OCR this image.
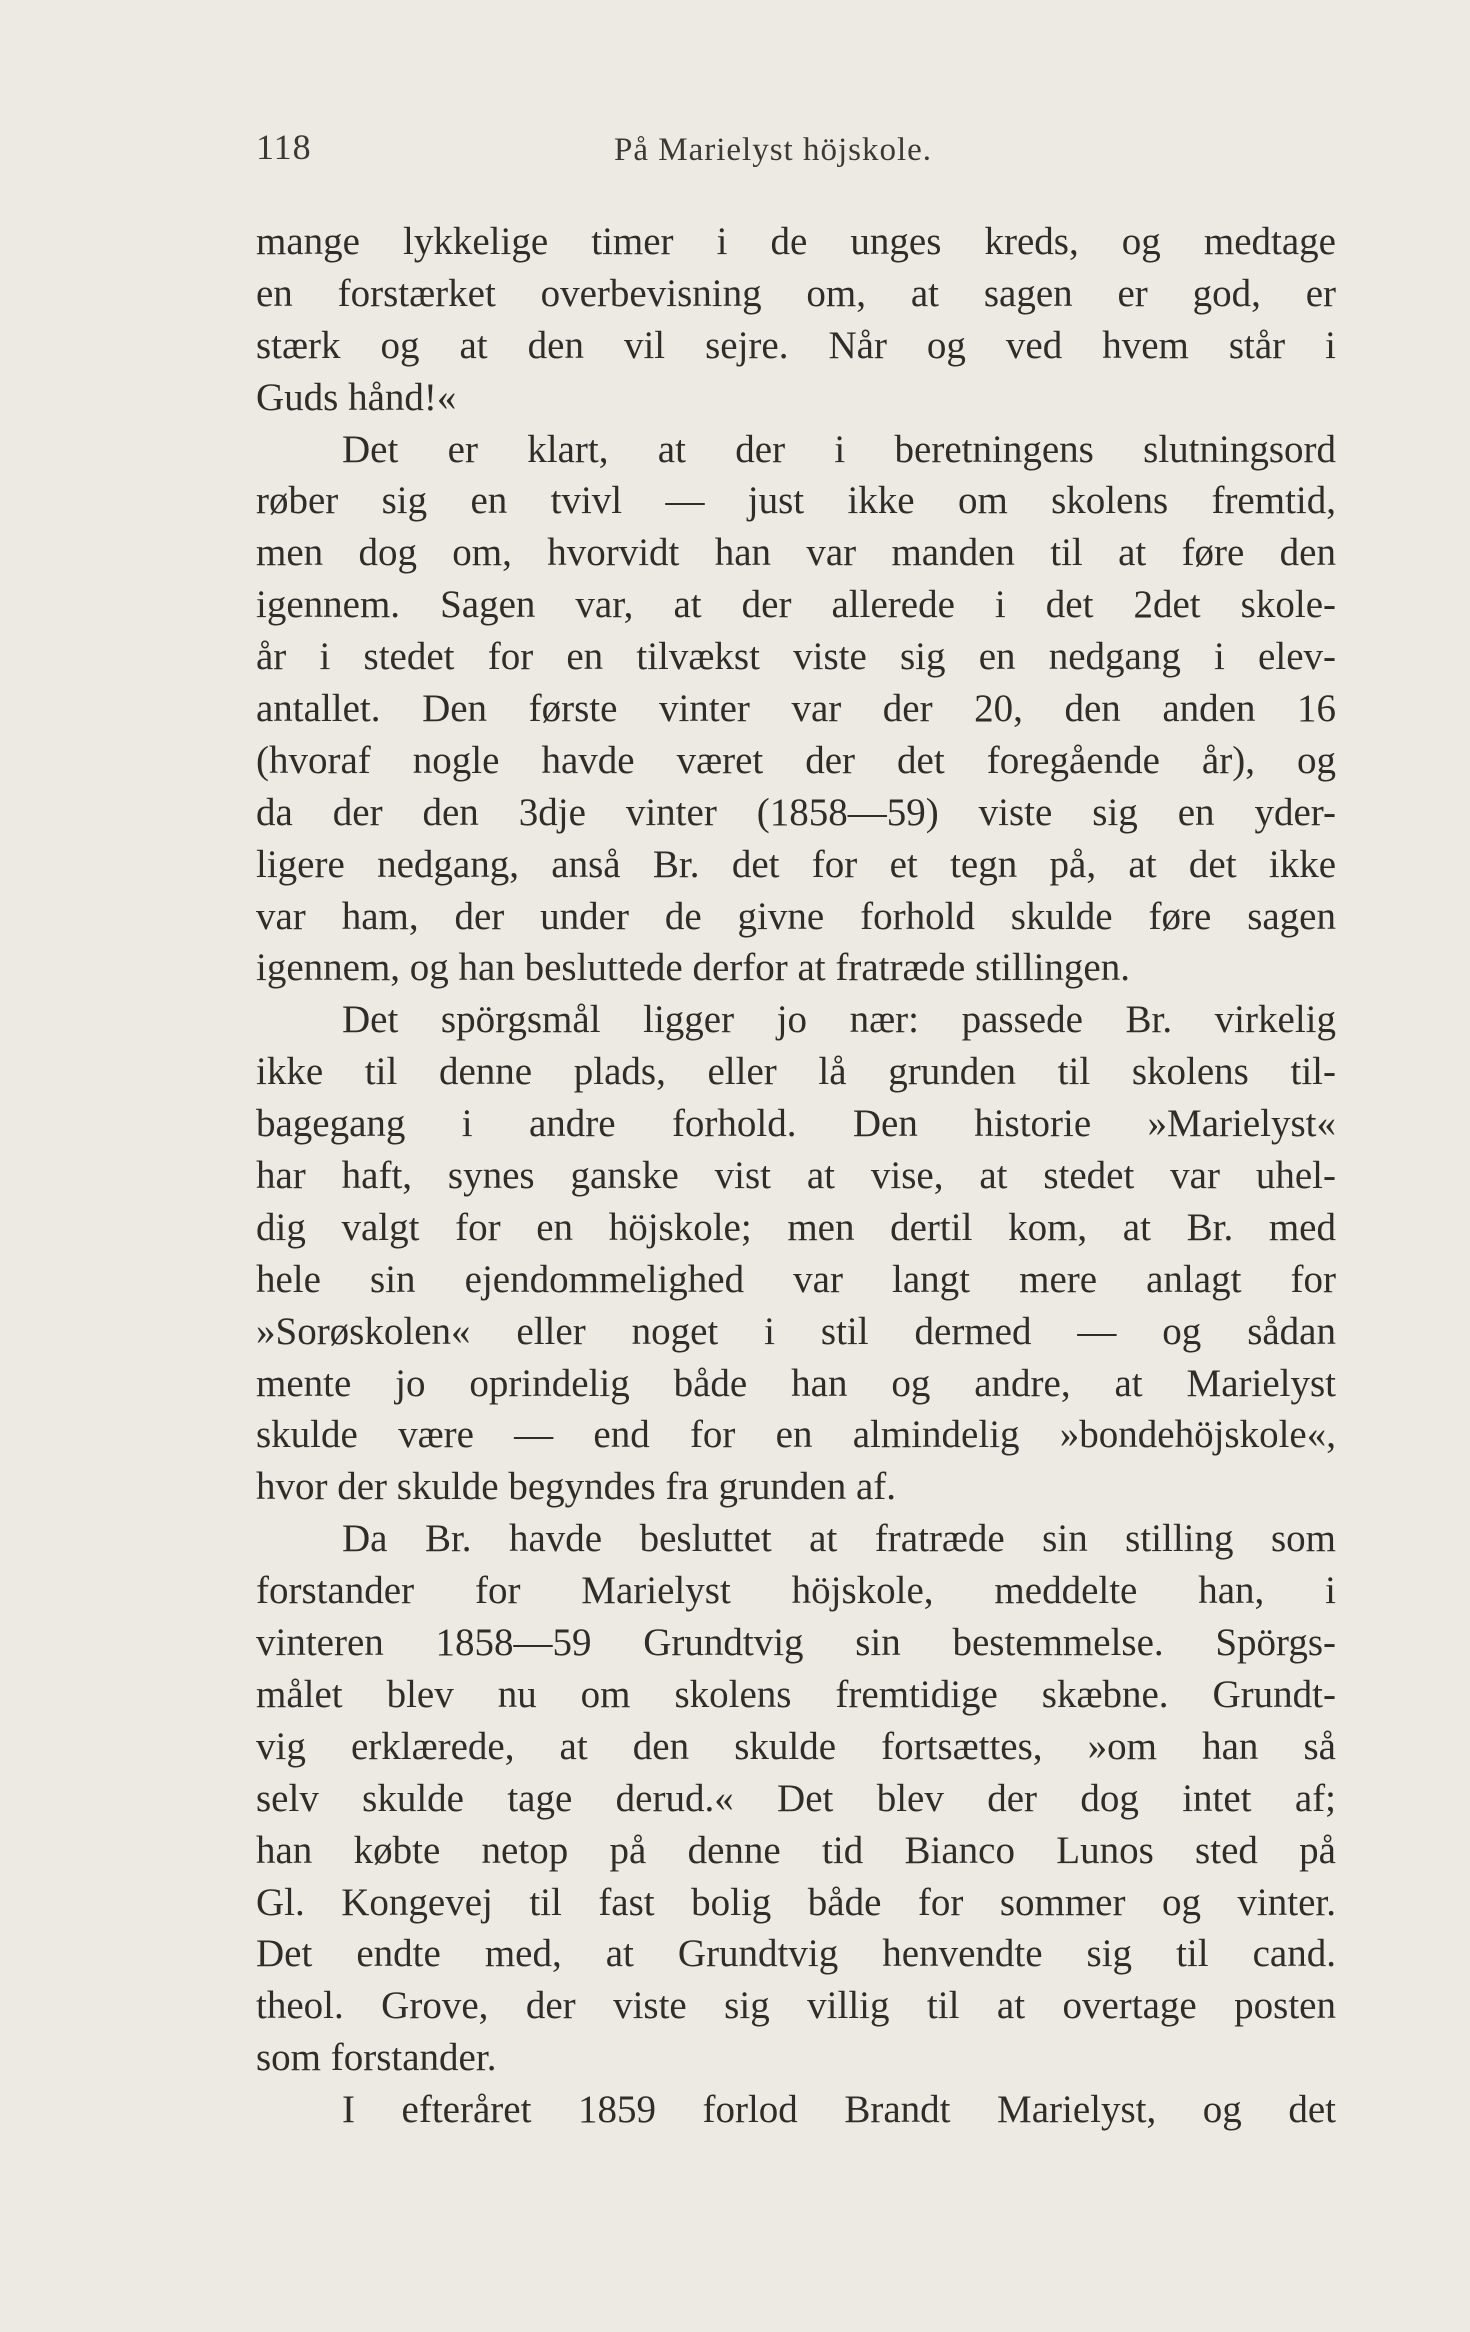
118	På Marielyst höjskole.
mange lykkelige timer i de unges kreds, og medtage
en forstærket overbevisning om, at sagen er god, er
stærk og at den vil sejre. Når og ved hvem står i
Guds hånd!«
Det er klart, at der i beretningens slutningsord
røber sig en tvivl — just ikke om skolens fremtid,
men dog om, hvorvidt han var manden til at føre den
igennem. Sagen var, at der allerede i det 2det skole-
år i stedet for en tilvækst viste sig en nedgang i elev-
antallet. Den første vinter var der 20, den anden 16
(hvoraf nogle havde været der det foregående år), og
da der den 3dje vinter (1858—59) viste sig en yder-
ligere nedgang, anså Br. det for et tegn på, at det ikke
var ham, der under de givne forhold skulde føre sagen
igennem, og han besluttede derfor at fratræde stillingen.
Det spörgsmål ligger jo nær: passede Br. virkelig
ikke til denne plads, eller lå grunden til skolens til-
bagegang i andre forhold. Den historie »Marielyst«
har haft, synes ganske vist at vise, at stedet var uhel-
dig valgt for en höjskole; men dertil kom, at Br. med
hele sin ejendommelighed var langt mere anlagt for
»Sorøskolen« eller noget i stil dermed — og sådan
mente jo oprindelig både han og andre, at Marielyst
skulde være — end for en almindelig »bondehöjskole«,
hvor der skulde begyndes fra grunden af.
Da Br. havde besluttet at fratræde sin stilling som
forstander for Marielyst höjskole, meddelte han, i
vinteren 1858—59 Grundtvig sin bestemmelse. Spörgs-
målet blev nu om skolens fremtidige skæbne. Grundt-
vig erklærede, at den skulde fortsættes, »om han så
selv skulde tage derud.« Det blev der dog intet af;
han købte netop på denne tid Bianco Lunos sted på
Gl. Kongevej til fast bolig både for sommer og vinter.
Det endte med, at Grundtvig henvendte sig til cand.
theol. Grove, der viste sig villig til at overtage posten
som forstander.
I efteråret 1859 forlod Brandt Marielyst, og det
